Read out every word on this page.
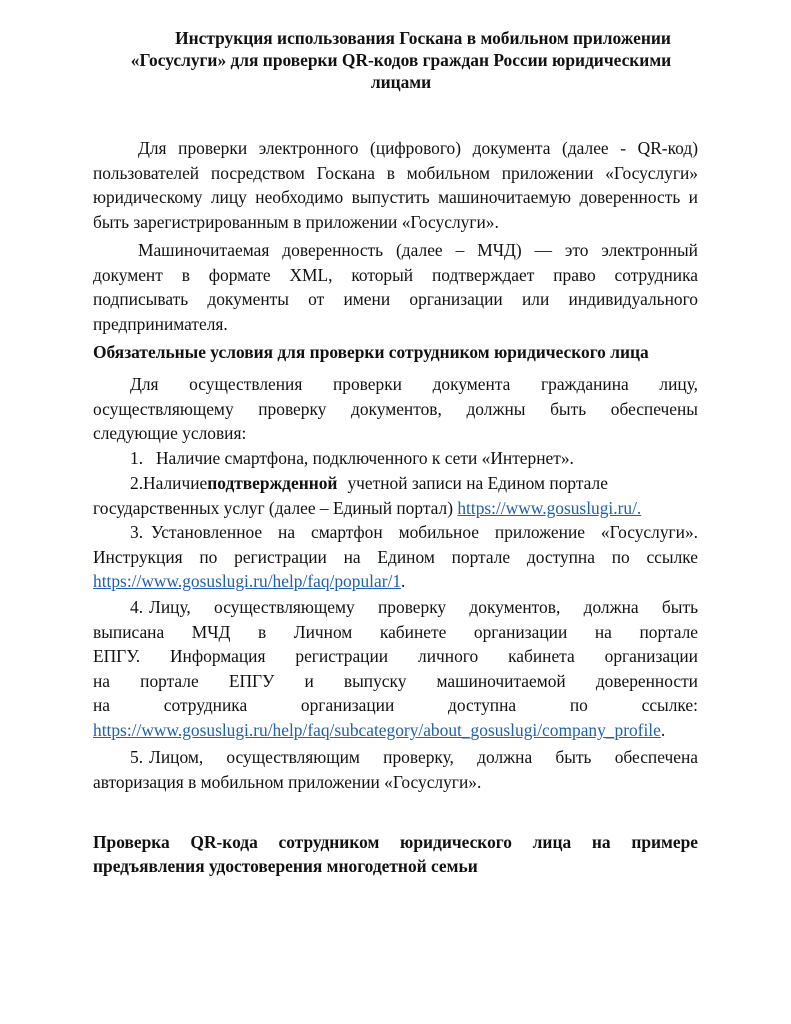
Инструкция использования Госкана в мобильном приложении
«Госуслуги» для проверки QR-кодов граждан России юридическими
лицами
Для проверки электронного (цифрового) документа (далее - QR-код)
пользователей посредством Госкана в мобильном приложении «Госуслуги»
юридическому лицу необходимо выпустить машиночитаемую доверенность и
быть зарегистрированным в приложении «Госуслуги».
Машиночитаемая доверенность (далее – МЧД) — это электронный
документ в формате XML, который подтверждает право сотрудника
подписывать документы от имени организации или индивидуального
предпринимателя.
Обязательные условия для проверки сотрудником юридического лица
Для осуществления проверки документа гражданина лицу,
осуществляющему проверку документов, должны быть обеспечены
следующие условия:
1. Наличие смартфона, подключенного к сети «Интернет».
2. Наличие подтвержденной учетной записи на Едином портале
государственных услуг (далее – Единый портал)
https://www.gosuslugi.ru/.
3. Установленное на смартфон мобильное приложение «Госуслуги».
Инструкция по регистрации на Едином портале доступна по ссылке
https://www.gosuslugi.ru/help/faq/popular/1 .
4. Лицу, осуществляющему проверку документов, должна быть
выписана МЧД в Личном кабинете организации на портале
ЕПГУ. Информация регистрации личного кабинета организации
на портале ЕПГУ и выпуску машиночитаемой доверенности
на сотрудника организации доступна по ссылке:
https://www.gosuslugi.ru/help/faq/subcategory/about_gosuslugi/company_profile .
5. Лицом, осуществляющим проверку, должна быть обеспечена
авторизация в мобильном приложении «Госуслуги».
Проверка QR-кода сотрудником юридического лица на примере
предъявления удостоверения многодетной семьи
